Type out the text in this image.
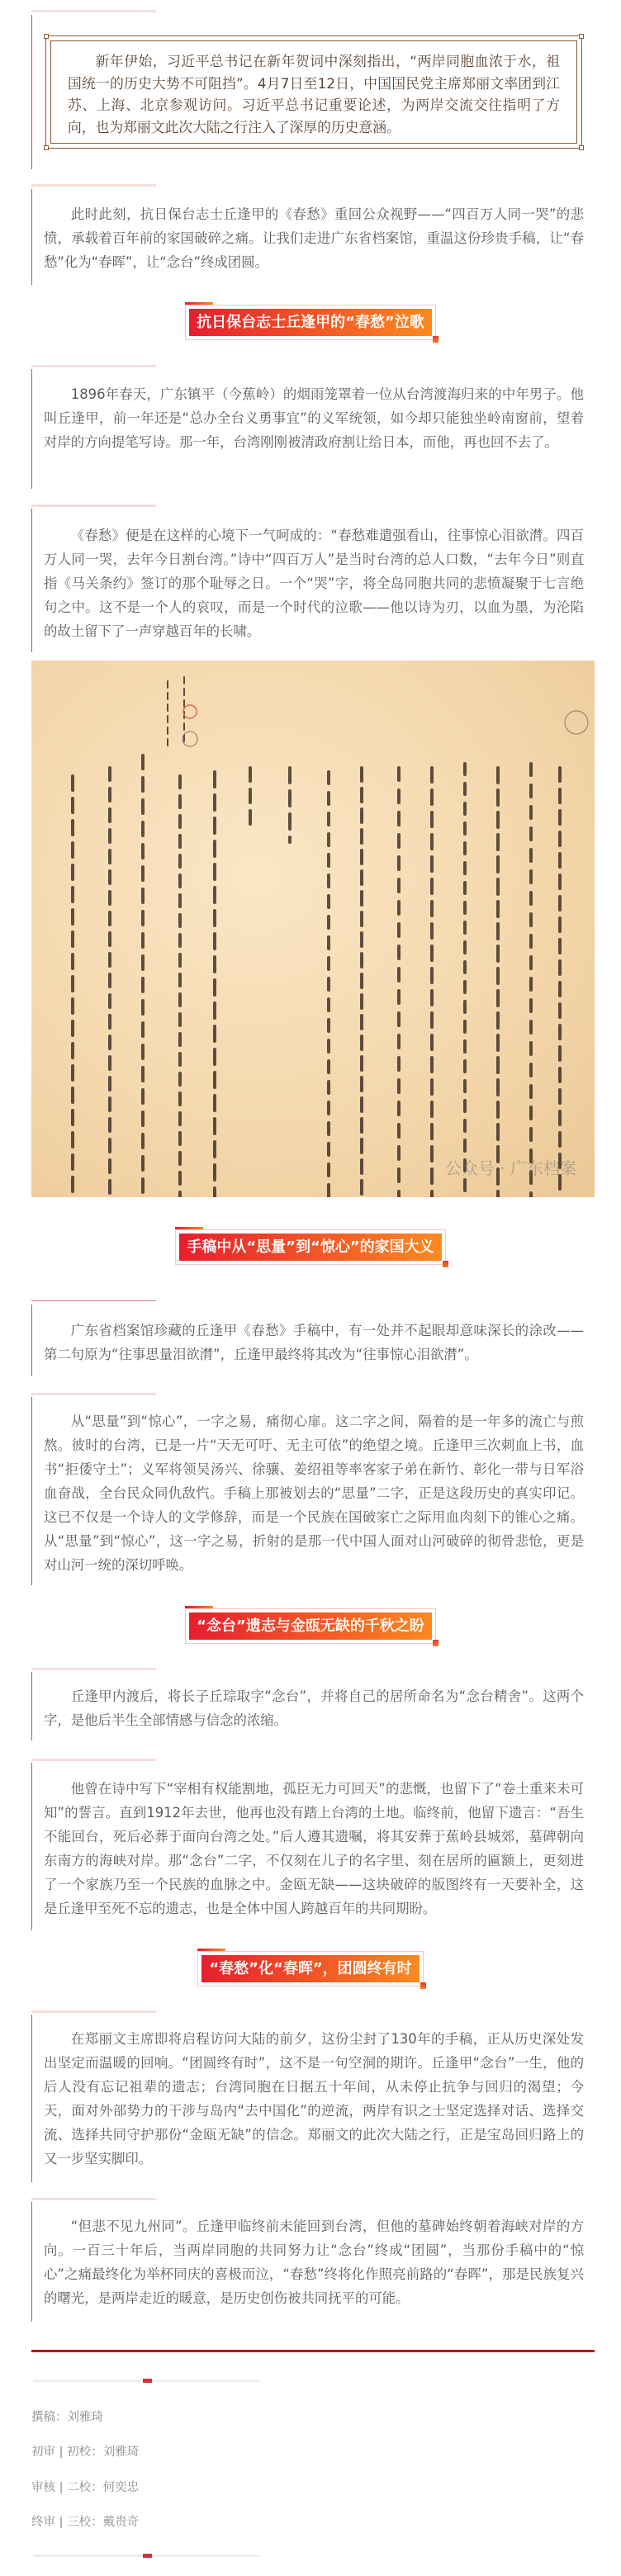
新年伊始，习近平总书记在新年贺词中深刻指出，“两岸同胞血浓于水，祖国统一的历史大势不可阻挡”。4月7日至12日，中国国民党主席郑丽文率团到江苏、上海、北京参观访问。习近平总书记重要论述，为两岸交流交往指明了方向，也为郑丽文此次大陆之行注入了深厚的历史意涵。

此时此刻，抗日保台志士丘逢甲的《春愁》重回公众视野——“四百万人同一哭”的悲愤，承载着百年前的家国破碎之痛。让我们走进广东省档案馆，重温这份珍贵手稿，让“春愁”化为“春晖”，让“念台”终成团圆。

抗日保台志士丘逢甲的“春愁”泣歌

1896年春天，广东镇平（今蕉岭）的烟雨笼罩着一位从台湾渡海归来的中年男子。他叫丘逢甲，前一年还是“总办全台义勇事宜”的义军统领，如今却只能独坐岭南窗前，望着对岸的方向提笔写诗。那一年，台湾刚刚被清政府割让给日本，而他，再也回不去了。

《春愁》便是在这样的心境下一气呵成的：“春愁难遣强看山，往事惊心泪欲潸。四百万人同一哭，去年今日割台湾。”诗中“四百万人”是当时台湾的总人口数，“去年今日”则直指《马关条约》签订的那个耻辱之日。一个“哭”字，将全岛同胞共同的悲愤凝聚于七言绝句之中。这不是一个人的哀叹，而是一个时代的泣歌——他以诗为刃，以血为墨，为沦陷的故土留下了一声穿越百年的长啸。

公众号 · 广东档案
手稿中从“思量”到“惊心”的家国大义

广东省档案馆珍藏的丘逢甲《春愁》手稿中，有一处并不起眼却意味深长的涂改——第二句原为“往事思量泪欲潸”，丘逢甲最终将其改为“往事惊心泪欲潸”。

从“思量”到“惊心”，一字之易，痛彻心扉。这二字之间，隔着的是一年多的流亡与煎熬。彼时的台湾，已是一片“天无可吁、无主可依”的绝望之境。丘逢甲三次刺血上书，血书“拒倭守土”；义军将领吴汤兴、徐骧、姜绍祖等率客家子弟在新竹、彰化一带与日军浴血奋战，全台民众同仇敌忾。手稿上那被划去的“思量”二字，正是这段历史的真实印记。这已不仅是一个诗人的文学修辞，而是一个民族在国破家亡之际用血肉刻下的锥心之痛。从“思量”到“惊心”，这一字之易，折射的是那一代中国人面对山河破碎的彻骨悲怆，更是对山河一统的深切呼唤。

“念台”遗志与金瓯无缺的千秋之盼

丘逢甲内渡后，将长子丘琮取字“念台”，并将自己的居所命名为“念台精舍”。这两个字，是他后半生全部情感与信念的浓缩。

他曾在诗中写下“宰相有权能割地，孤臣无力可回天”的悲慨，也留下了“卷土重来未可知”的誓言。直到1912年去世，他再也没有踏上台湾的土地。临终前，他留下遗言：“吾生不能回台，死后必葬于面向台湾之处。”后人遵其遗嘱，将其安葬于蕉岭县城郊，墓碑朝向东南方的海峡对岸。那“念台”二字，不仅刻在儿子的名字里、刻在居所的匾额上，更刻进了一个家族乃至一个民族的血脉之中。金瓯无缺——这块破碎的版图终有一天要补全，这是丘逢甲至死不忘的遗志，也是全体中国人跨越百年的共同期盼。

“春愁”化“春晖”，团圆终有时

在郑丽文主席即将启程访问大陆的前夕，这份尘封了130年的手稿，正从历史深处发出坚定而温暖的回响。“团圆终有时”，这不是一句空洞的期许。丘逢甲“念台”一生，他的后人没有忘记祖辈的遗志；台湾同胞在日据五十年间，从未停止抗争与回归的渴望；今天，面对外部势力的干涉与岛内“去中国化”的逆流，两岸有识之士坚定选择对话、选择交流、选择共同守护那份“金瓯无缺”的信念。郑丽文的此次大陆之行，正是宝岛回归路上的又一步坚实脚印。

“但悲不见九州同”。丘逢甲临终前未能回到台湾，但他的墓碑始终朝着海峡对岸的方向。一百三十年后，当两岸同胞的共同努力让“念台”终成“团圆”，当那份手稿中的“惊心”之痛最终化为举杯同庆的喜极而泣，“春愁”终将化作照亮前路的“春晖”，那是民族复兴的曙光，是两岸走近的暖意，是历史创伤被共同抚平的可能。

撰稿：刘雅琦
初审 | 初校：刘雅琦
审核 | 二校：何奕忠
终审 | 三校：戴贵奇
